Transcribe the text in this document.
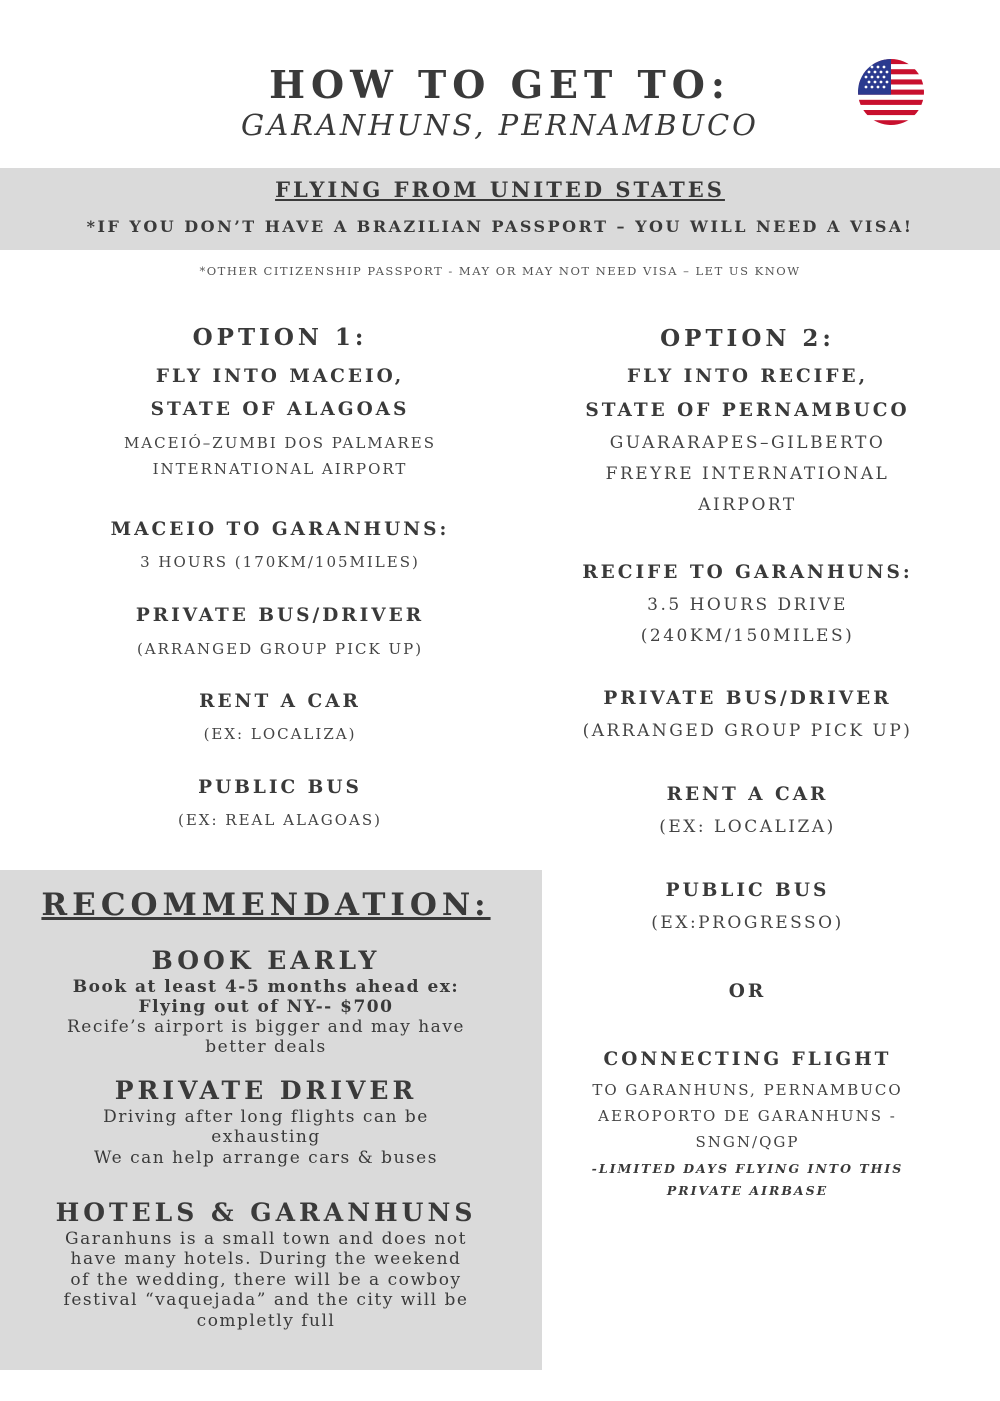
HOW TO GET TO:
GARANHUNS, PERNAMBUCO
FLYING FROM UNITED STATES
*IF YOU DON’T HAVE A BRAZILIAN PASSPORT – YOU WILL NEED A VISA!
*OTHER CITIZENSHIP PASSPORT - MAY OR MAY NOT NEED VISA – LET US KNOW
OPTION 1:
FLY INTO MACEIO,
STATE OF ALAGOAS
MACEIÓ–ZUMBI DOS PALMARES
INTERNATIONAL AIRPORT
MACEIO TO GARANHUNS:
3 HOURS (170KM/105MILES)
PRIVATE BUS/DRIVER
(ARRANGED GROUP PICK UP)
RENT A CAR
(EX: LOCALIZA)
PUBLIC BUS
(EX: REAL ALAGOAS)
OPTION 2:
FLY INTO RECIFE,
STATE OF PERNAMBUCO
GUARARAPES–GILBERTO
FREYRE INTERNATIONAL
AIRPORT
RECIFE TO GARANHUNS:
3.5 HOURS DRIVE
(240KM/150MILES)
PRIVATE BUS/DRIVER
(ARRANGED GROUP PICK UP)
RENT A CAR
(EX: LOCALIZA)
PUBLIC BUS
(EX:PROGRESSO)
OR
CONNECTING FLIGHT
TO GARANHUNS, PERNAMBUCO
AEROPORTO DE GARANHUNS -
SNGN/QGP
-LIMITED DAYS FLYING INTO THIS
PRIVATE AIRBASE
RECOMMENDATION:
BOOK EARLY
Book at least 4-5 months ahead ex:
Flying out of NY-- $700
Recife’s airport is bigger and may have
better deals
PRIVATE DRIVER
Driving after long flights can be
exhausting
We can help arrange cars & buses
HOTELS & GARANHUNS
Garanhuns is a small town and does not
have many hotels. During the weekend
of the wedding, there will be a cowboy
festival “vaquejada” and the city will be
completly full
